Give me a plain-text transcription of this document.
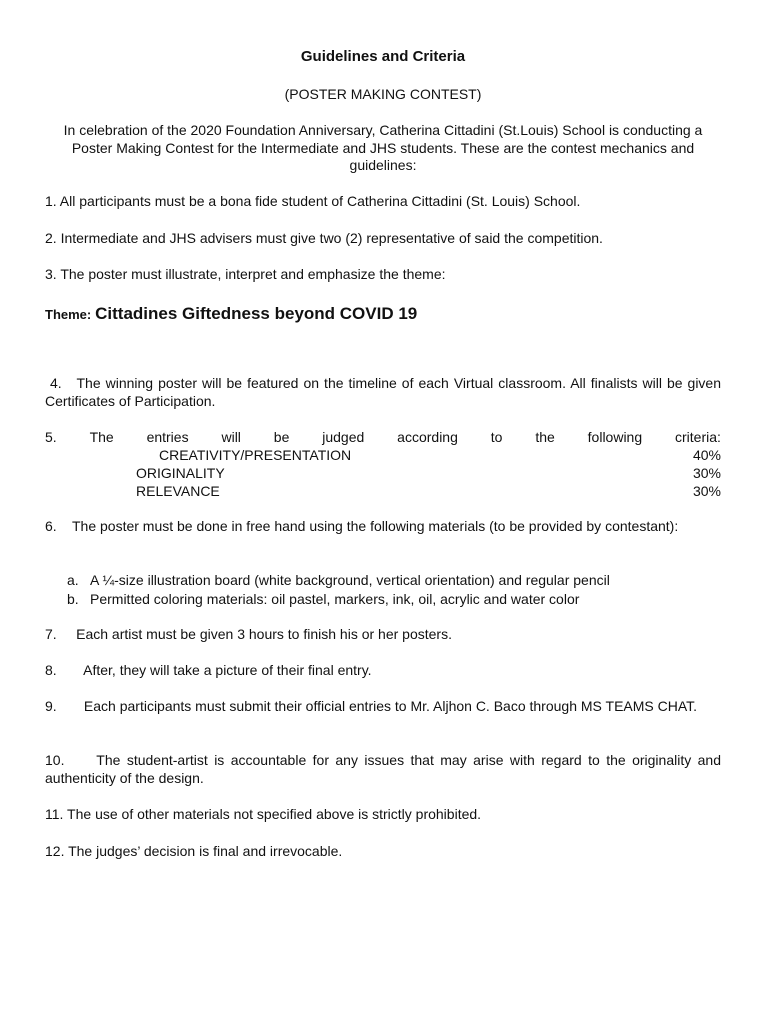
Guidelines and Criteria

(POSTER MAKING CONTEST)

In celebration of the 2020 Foundation Anniversary, Catherina Cittadini (St.Louis) School is conducting a Poster Making Contest for the Intermediate and JHS students. These are the contest mechanics and guidelines:

1. All participants must be a bona fide student of Catherina Cittadini (St. Louis) School.

2. Intermediate and JHS advisers must give two (2) representative of said the competition.

3. The poster must illustrate, interpret and emphasize the theme:

Theme: Cittadines Giftedness beyond COVID 19

4.   The winning poster will be featured on the timeline of each Virtual classroom. All finalists will be given Certificates of Participation.

5. The entries will be judged according to the following criteria:
CREATIVITY/PRESENTATION	40%
ORIGINALITY	30%
RELEVANCE	30%

6.    The poster must be done in free hand using the following materials (to be provided by contestant):

a. A ¼-size illustration board (white background, vertical orientation) and regular pencil
b. Permitted coloring materials: oil pastel, markers, ink, oil, acrylic and water color

7.     Each artist must be given 3 hours to finish his or her posters.

8.       After, they will take a picture of their final entry.

9.       Each participants must submit their official entries to Mr. Aljhon C. Baco through MS TEAMS CHAT.

10.     The student-artist is accountable for any issues that may arise with regard to the originality and authenticity of the design.

11. The use of other materials not specified above is strictly prohibited.

12. The judges’ decision is final and irrevocable.
